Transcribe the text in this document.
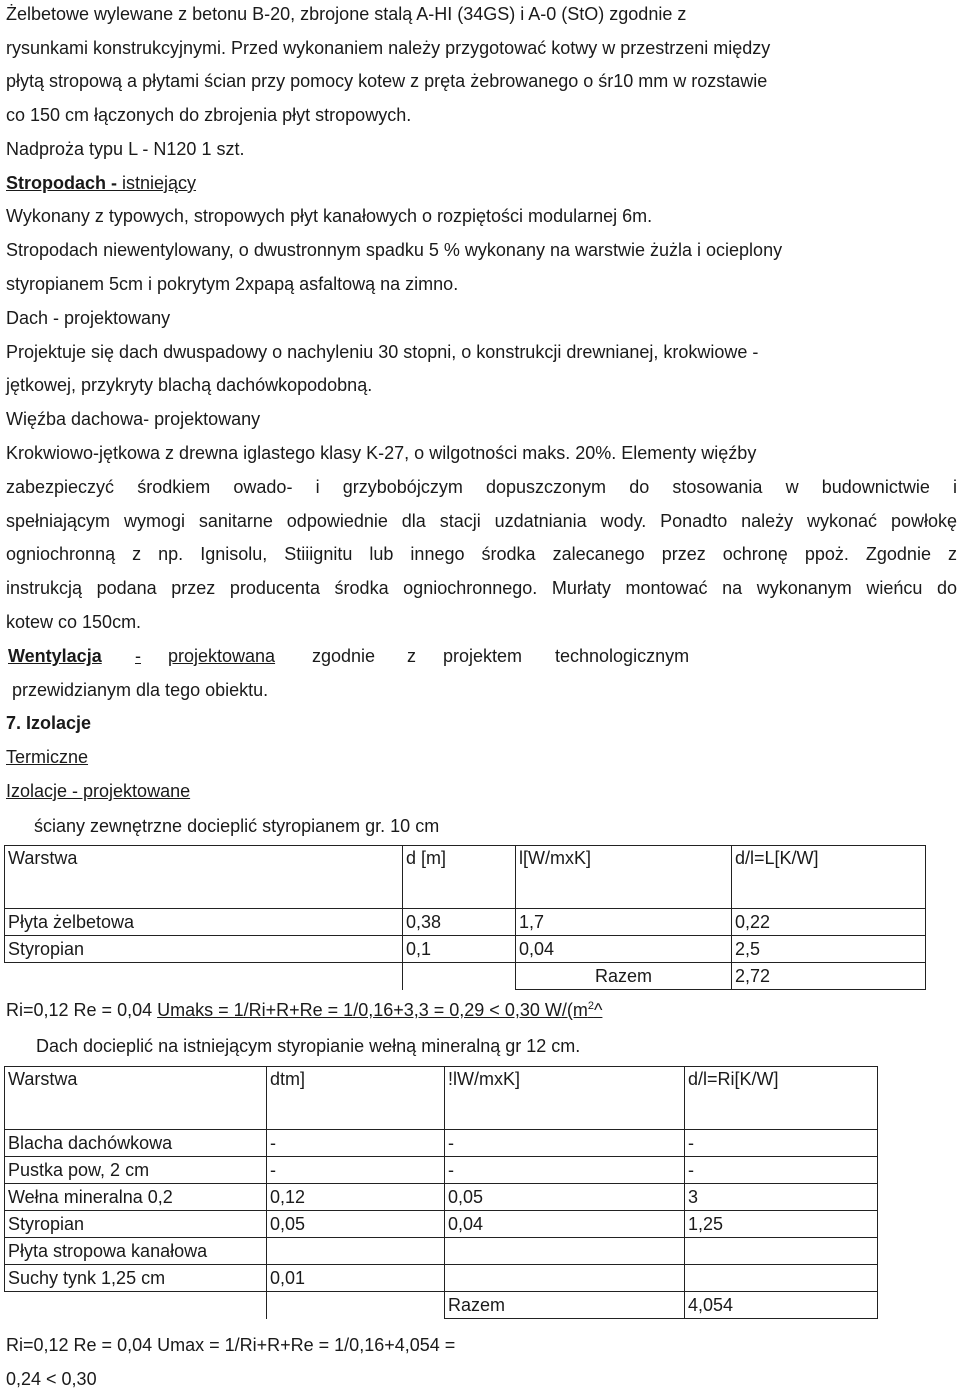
Żelbetowe wylewane z betonu B-20, zbrojone stalą A-HI (34GS) i A-0 (StO) zgodnie z
rysunkami konstrukcyjnymi. Przed wykonaniem należy przygotować kotwy w przestrzeni między
płytą stropową a płytami ścian przy pomocy kotew z pręta żebrowanego o śr10 mm w rozstawie
co 150 cm łączonych do zbrojenia płyt stropowych.
Nadproża typu L - N120 1 szt.
Stropodach - istniejący
Wykonany z typowych, stropowych płyt kanałowych o rozpiętości modularnej 6m.
Stropodach niewentylowany, o dwustronnym spadku 5 % wykonany na warstwie żużla i ocieplony
styropianem 5cm i pokrytym 2xpapą asfaltową na zimno.
Dach - projektowany
Projektuje się dach dwuspadowy o nachyleniu 30 stopni, o konstrukcji drewnianej, krokwiowe -
jętkowej, przykryty blachą dachówkopodobną.
Więźba dachowa- projektowany
Krokwiowo-jętkowa z drewna iglastego klasy K-27, o wilgotności maks. 20%. Elementy więźby
zabezpieczyć środkiem owado- i grzybobójczym dopuszczonym do stosowania w budownictwie i
spełniającym wymogi sanitarne odpowiednie dla stacji uzdatniania wody. Ponadto należy wykonać powłokę
ogniochronną z np. Ignisolu, Stiiignitu lub innego środka zalecanego przez ochronę ppoż. Zgodnie z
instrukcją podana przez producenta środka ogniochronnego. Murłaty montować na wykonanym wieńcu do
kotew co 150cm.
Wentylacja - projektowana	zgodnie z projektem technologicznym
przewidzianym dla tego obiektu.
7. Izolacje
Termiczne
Izolacje - projektowane
ściany zewnętrzne docieplić styropianem gr. 10 cm
Warstwa	d [m]	l[W/mxK]	d/l=L[K/W]
Płyta żelbetowa	0,38	1,7	0,22
Styropian	0,1	0,04	2,5
		Razem	2,72
Ri=0,12 Re = 0,04 Umaks = 1/Ri+R+Re = 1/0,16+3,3 = 0,29 < 0,30 $W/(m^2\^{}$
Dach docieplić na istniejącym styropianie wełną mineralną gr 12 cm.
Warstwa	dtm]	!lW/mxK]	d/l=Ri[K/W]
Blacha dachówkowa	-	-	-
Pustka pow, 2 cm	-	-	-
Wełna mineralna 0,2	0,12	0,05	3
Styropian	0,05	0,04	1,25
Płyta stropowa kanałowa			
Suchy tynk 1,25 cm	0,01		
		Razem	4,054
Ri=0,12 Re = 0,04 Umax = 1/Ri+R+Re = 1/0,16+4,054 =
0,24 < 0,30
